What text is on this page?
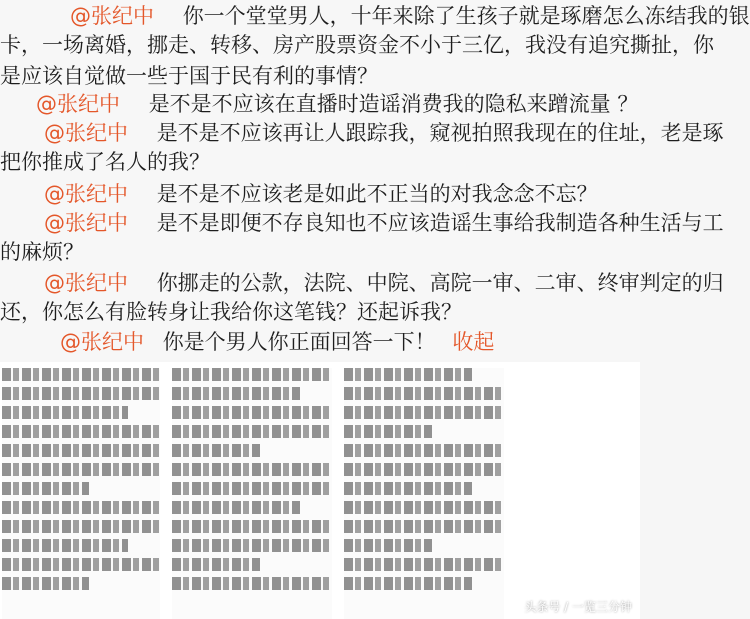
@张纪中 你一个堂堂男人，十年来除了生孩子就是琢磨怎么冻结我的银
卡，一场离婚，挪走、转移、房产股票资金不小于三亿，我没有追究撕扯，你
是应该自觉做一些于国于民有利的事情？
@张纪中 是不是不应该在直播时造谣消费我的隐私来蹭流量 ？
@张纪中 是不是不应该再让人跟踪我，窥视拍照我现在的住址，老是琢
把你推成了名人的我？
@张纪中 是不是不应该老是如此不正当的对我念念不忘？
@张纪中 是不是即便不存良知也不应该造谣生事给我制造各种生活与工
的麻烦？
@张纪中 你挪走的公款，法院、中院、高院一审、二审、终审判定的归
还，你怎么有脸转身让我给你这笔钱？还起诉我？
@张纪中 你是个男人你正面回答一下！ 收起
头条号 / 一览三分钟
